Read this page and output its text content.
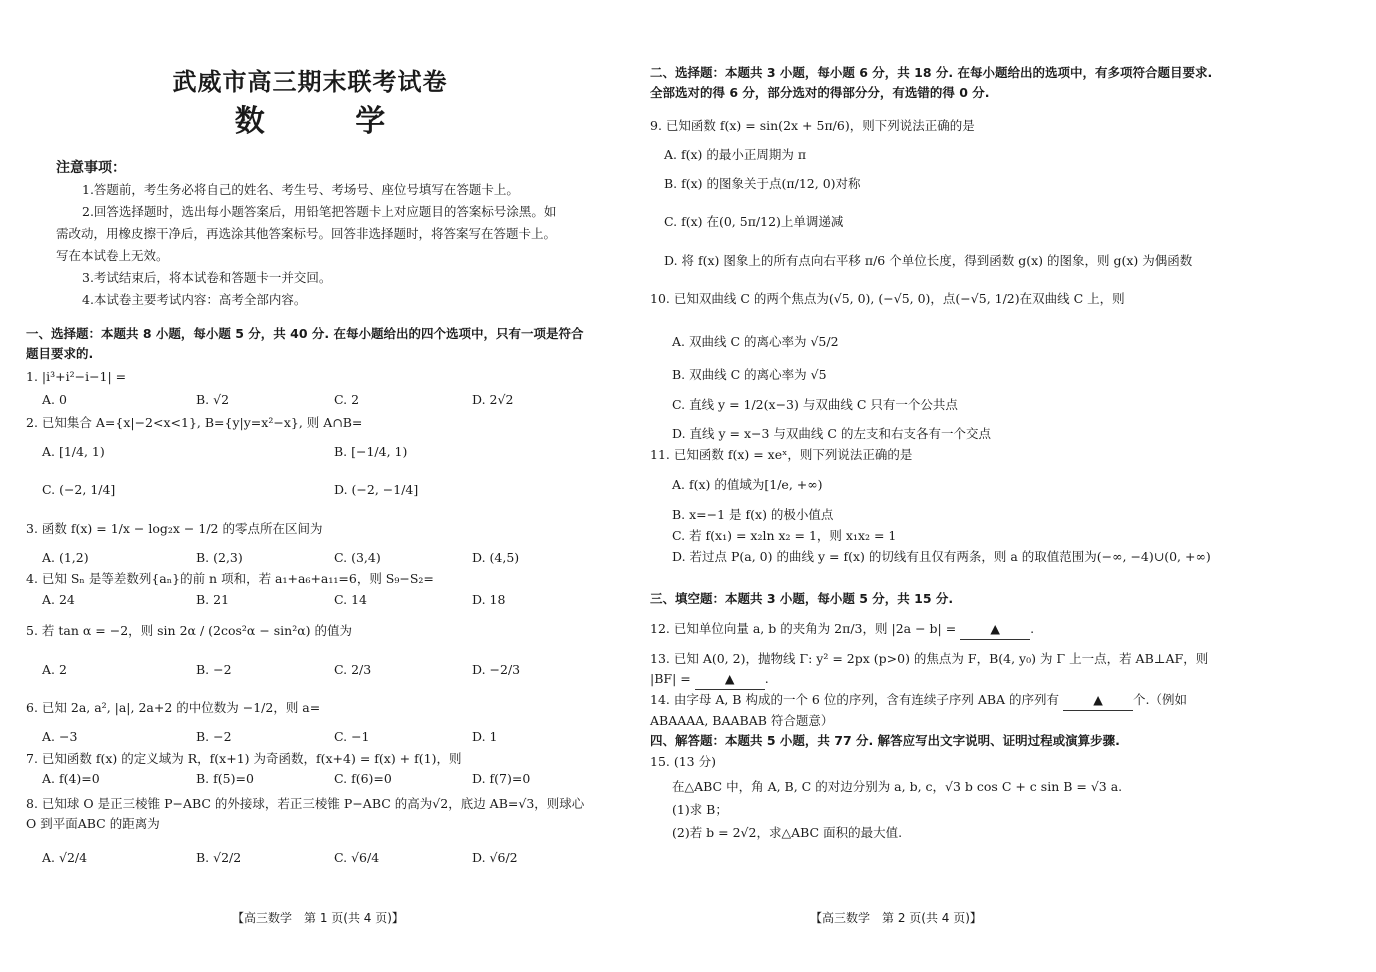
武威市高三期末联考试卷
数 学
注意事项：

1.答题前，考生务必将自己的姓名、考生号、考场号、座位号填写在答题卡上。

2.回答选择题时，选出每小题答案后，用铅笔把答题卡上对应题目的答案标号涂黑。如需改动，用橡皮擦干净后，再选涂其他答案标号。回答非选择题时，将答案写在答题卡上。写在本试卷上无效。

3.考试结束后，将本试卷和答题卡一并交回。

4.本试卷主要考试内容：高考全部内容。

一、选择题：本题共 8 小题，每小题 5 分，共 40 分. 在每小题给出的四个选项中，只有一项是符合题目要求的.
1. |i³+i²−i−1| =
A. 0	B. √2	C. 2	D. 2√2
2. 已知集合 A={x|−2<x<1}, B={y|y=x²−x}, 则 A∩B=
A. [1/4, 1)	B. [−1/4, 1)
C. (−2, 1/4]	D. (−2, −1/4]
3. 函数 f(x) = 1/x − log₂x − 1/2 的零点所在区间为
A. (1,2)	B. (2,3)	C. (3,4)	D. (4,5)
4. 已知 Sₙ 是等差数列{aₙ}的前 n 项和，若 a₁+a₆+a₁₁=6，则 S₉−S₂=
A. 24	B. 21	C. 14	D. 18
5. 若 tan α = −2，则 sin 2α / (2cos²α − sin²α) 的值为
A. 2	B. −2	C. 2/3	D. −2/3
6. 已知 2a, a², |a|, 2a+2 的中位数为 −1/2，则 a=
A. −3	B. −2	C. −1	D. 1
7. 已知函数 f(x) 的定义域为 R，f(x+1) 为奇函数，f(x+4) = f(x) + f(1)，则
A. f(4)=0	B. f(5)=0	C. f(6)=0	D. f(7)=0
8. 已知球 O 是正三棱锥 P−ABC 的外接球，若正三棱锥 P−ABC 的高为√2，底边 AB=√3，则球心 O 到平面ABC 的距离为
A. √2/4	B. √2/2	C. √6/4	D. √6/2
【高三数学　第 1 页(共 4 页)】
二、选择题：本题共 3 小题，每小题 6 分，共 18 分. 在每小题给出的选项中，有多项符合题目要求. 全部选对的得 6 分，部分选对的得部分分，有选错的得 0 分.
9. 已知函数 f(x) = sin(2x + 5π/6)，则下列说法正确的是
A. f(x) 的最小正周期为 π
B. f(x) 的图象关于点(π/12, 0)对称
C. f(x) 在(0, 5π/12)上单调递减
D. 将 f(x) 图象上的所有点向右平移 π/6 个单位长度，得到函数 g(x) 的图象，则 g(x) 为偶函数
10. 已知双曲线 C 的两个焦点为(√5, 0), (−√5, 0)，点(−√5, 1/2)在双曲线 C 上，则
A. 双曲线 C 的离心率为 √5/2
B. 双曲线 C 的离心率为 √5
C. 直线 y = 1/2(x−3) 与双曲线 C 只有一个公共点
D. 直线 y = x−3 与双曲线 C 的左支和右支各有一个交点
11. 已知函数 f(x) = xeˣ，则下列说法正确的是
A. f(x) 的值域为[1/e, +∞)
B. x=−1 是 f(x) 的极小值点
C. 若 f(x₁) = x₂ln x₂ = 1，则 x₁x₂ = 1
D. 若过点 P(a, 0) 的曲线 y = f(x) 的切线有且仅有两条，则 a 的取值范围为(−∞, −4)∪(0, +∞)
三、填空题：本题共 3 小题，每小题 5 分，共 15 分.
12. 已知单位向量 a, b 的夹角为 2π/3，则 |2a − b| =	▲ .
13. 已知 A(0, 2)，抛物线 Γ: y² = 2px (p>0) 的焦点为 F，B(4, y₀) 为 Γ 上一点，若 AB⊥AF，则 |BF| =	▲ .
14. 由字母 A, B 构成的一个 6 位的序列，含有连续子序列 ABA 的序列有	▲ 个.（例如 ABAAAA, BAABAB 符合题意）
四、解答题：本题共 5 小题，共 77 分. 解答应写出文字说明、证明过程或演算步骤.
15. (13 分)
在△ABC 中，角 A, B, C 的对边分别为 a, b, c，√3 b cos C + c sin B = √3 a.
(1)求 B；
(2)若 b = 2√2，求△ABC 面积的最大值.
【高三数学　第 2 页(共 4 页)】
